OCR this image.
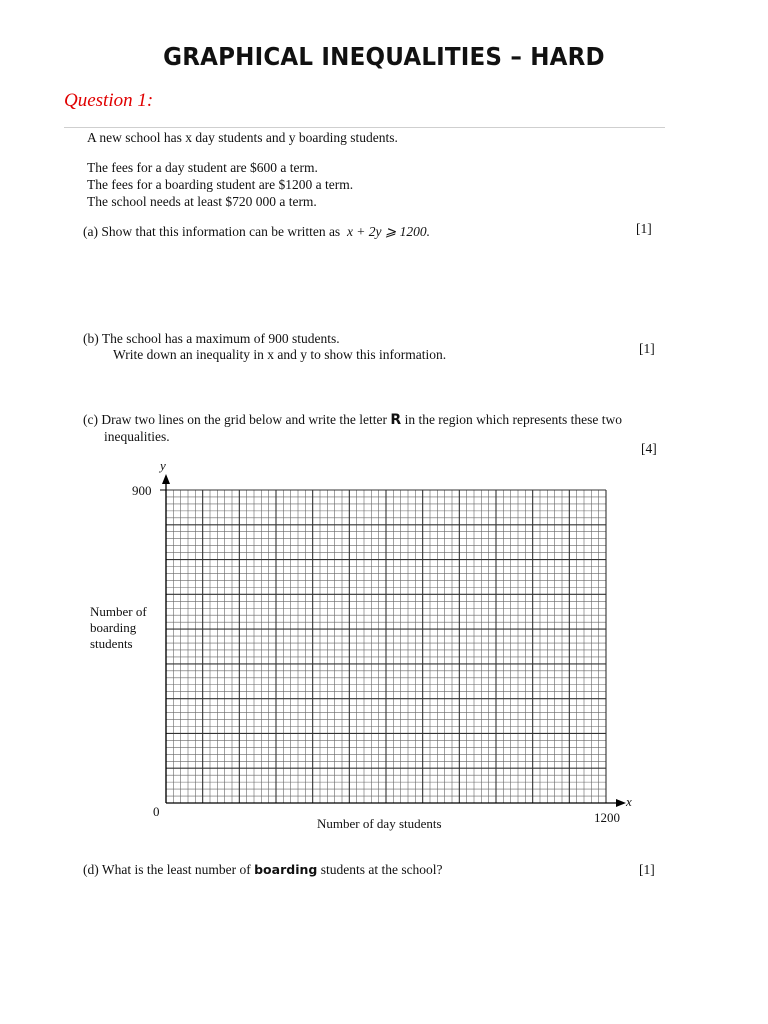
GRAPHICAL INEQUALITIES – HARD
Question 1:
A new school has x day students and y boarding students.
The fees for a day student are $600 a term.
The fees for a boarding student are $1200 a term.
The school needs at least $720 000 a term.
(a) Show that this information can be written as x + 2y ⩾ 1200.	[1]
(b) The school has a maximum of 900 students.
Write down an inequality in x and y to show this information.	[1]
(c) Draw two lines on the grid below and write the letter R in the region which represents these two
inequalities.
[4]
y
900
Number of
boarding
students
0
x
1200
Number of day students
(d) What is the least number of boarding students at the school?	[1]
